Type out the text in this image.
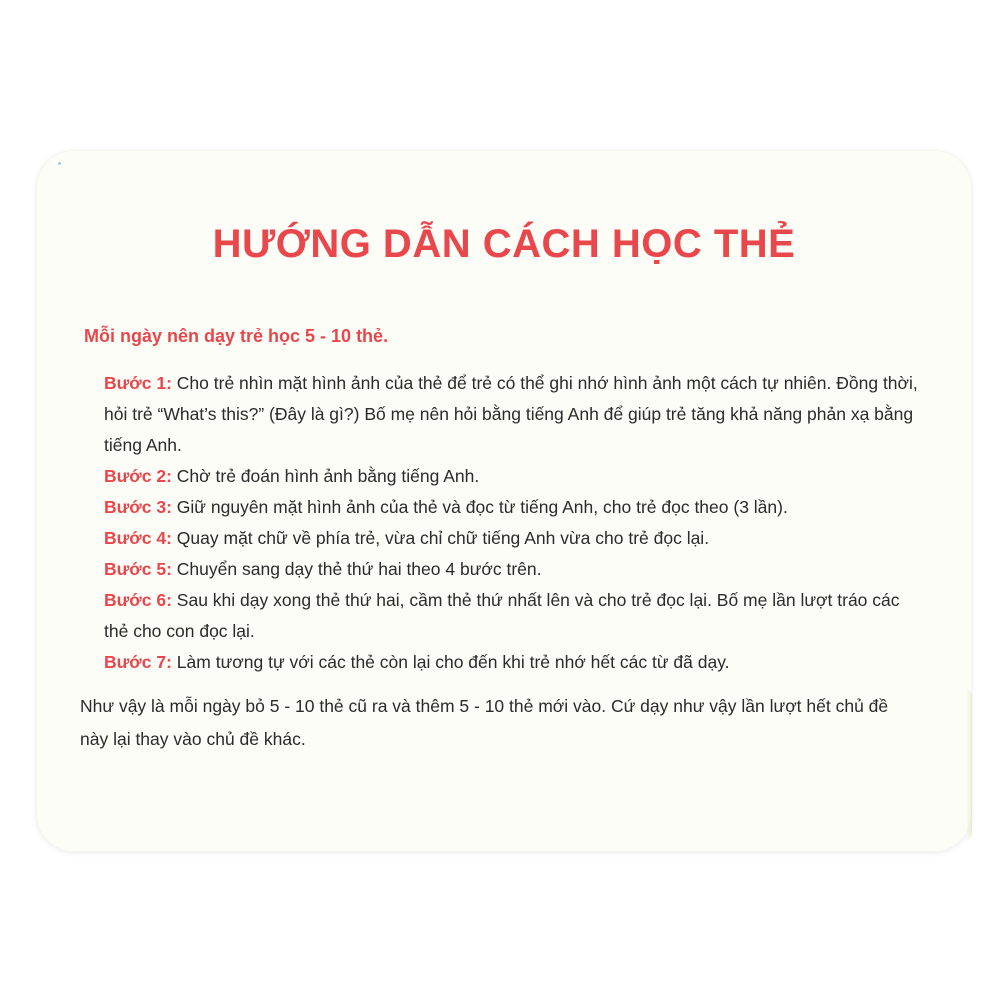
HƯỚNG DẪN CÁCH HỌC THẺ
Mỗi ngày nên dạy trẻ học 5 - 10 thẻ.
Bước 1: Cho trẻ nhìn mặt hình ảnh của thẻ để trẻ có thể ghi nhớ hình ảnh một cách tự nhiên. Đồng thời, hỏi trẻ “What’s this?” (Đây là gì?) Bố mẹ nên hỏi bằng tiếng Anh để giúp trẻ tăng khả năng phản xạ bằng tiếng Anh.
Bước 2: Chờ trẻ đoán hình ảnh bằng tiếng Anh.
Bước 3: Giữ nguyên mặt hình ảnh của thẻ và đọc từ tiếng Anh, cho trẻ đọc theo (3 lần).
Bước 4: Quay mặt chữ về phía trẻ, vừa chỉ chữ tiếng Anh vừa cho trẻ đọc lại.
Bước 5: Chuyển sang dạy thẻ thứ hai theo 4 bước trên.
Bước 6: Sau khi dạy xong thẻ thứ hai, cầm thẻ thứ nhất lên và cho trẻ đọc lại. Bố mẹ lần lượt tráo các thẻ cho con đọc lại.
Bước 7: Làm tương tự với các thẻ còn lại cho đến khi trẻ nhớ hết các từ đã dạy.
Như vậy là mỗi ngày bỏ 5 - 10 thẻ cũ ra và thêm 5 - 10 thẻ mới vào. Cứ dạy như vậy lần lượt hết chủ đề này lại thay vào chủ đề khác.
